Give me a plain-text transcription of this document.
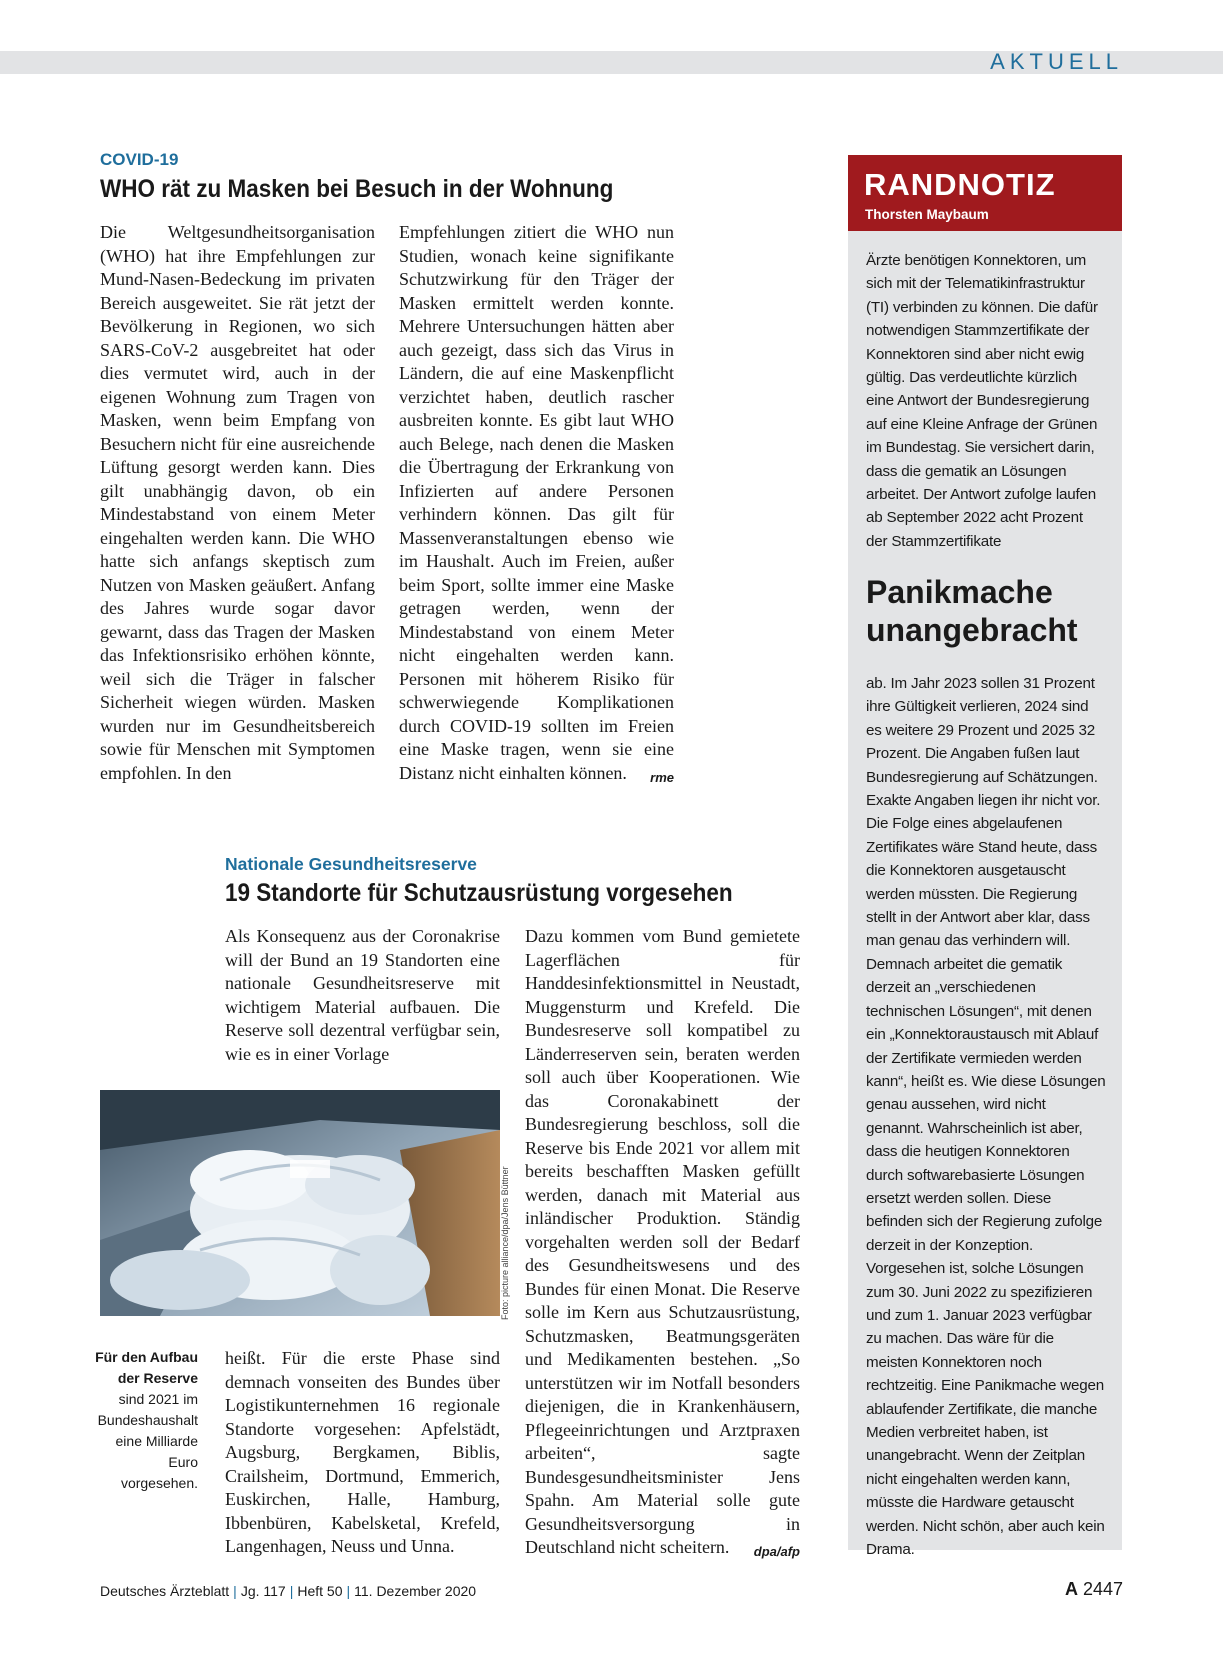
AKTUELL
COVID-19
WHO rät zu Masken bei Besuch in der Wohnung

Die Weltgesundheitsorganisation (WHO) hat ihre Empfehlungen zur Mund-Nasen-Bedeckung im privaten Bereich ausgeweitet. Sie rät jetzt der Bevölkerung in Regionen, wo sich SARS-CoV-2 ausgebreitet hat oder dies vermutet wird, auch in der eigenen Wohnung zum Tragen von Masken, wenn beim Empfang von Besuchern nicht für eine ausreichende Lüftung gesorgt werden kann. Dies gilt unabhängig davon, ob ein Mindestabstand von einem Meter eingehalten werden kann. Die WHO hatte sich anfangs skeptisch zum Nutzen von Masken geäußert. Anfang des Jahres wurde sogar davor gewarnt, dass das Tragen der Masken das Infektionsrisiko erhöhen könnte, weil sich die Träger in falscher Sicherheit wiegen würden. Masken wurden nur im Gesundheitsbereich sowie für Menschen mit Symptomen empfohlen. In den

Empfehlungen zitiert die WHO nun Studien, wonach keine signifikante Schutzwirkung für den Träger der Masken ermittelt werden konnte. Mehrere Untersuchungen hätten aber auch gezeigt, dass sich das Virus in Ländern, die auf eine Maskenpflicht verzichtet haben, deutlich rascher ausbreiten konnte. Es gibt laut WHO auch Belege, nach denen die Masken die Übertragung der Erkrankung von Infizierten auf andere Personen verhindern können. Das gilt für Massenveranstaltungen ebenso wie im Haushalt. Auch im Freien, außer beim Sport, sollte immer eine Maske getragen werden, wenn der Mindestabstand von einem Meter nicht eingehalten werden kann. Personen mit höherem Risiko für schwerwiegende Komplikationen durch COVID-19 sollten im Freien eine Maske tragen, wenn sie eine Distanz nicht einhalten können. rme

Nationale Gesundheitsreserve
19 Standorte für Schutzausrüstung vorgesehen

Als Konsequenz aus der Coronakrise will der Bund an 19 Standorten eine nationale Gesundheitsreserve mit wichtigem Material aufbauen. Die Reserve soll dezentral verfügbar sein, wie es in einer Vorlage

Foto: picture alliance/dpa/Jens Büttner
Für den Aufbau der Reserve sind 2021 im Bundeshaushalt eine Milliarde Euro vorgesehen.

heißt. Für die erste Phase sind demnach vonseiten des Bundes über Logistikunternehmen 16 regionale Standorte vorgesehen: Apfelstädt, Augsburg, Bergkamen, Biblis, Crailsheim, Dortmund, Emmerich, Euskirchen, Halle, Hamburg, Ibbenbüren, Kabelsketal, Krefeld, Langenhagen, Neuss und Unna.

Dazu kommen vom Bund gemietete Lagerflächen für Handdesinfektionsmittel in Neustadt, Muggensturm und Krefeld. Die Bundesreserve soll kompatibel zu Länderreserven sein, beraten werden soll auch über Kooperationen. Wie das Coronakabinett der Bundesregierung beschloss, soll die Reserve bis Ende 2021 vor allem mit bereits beschafften Masken gefüllt werden, danach mit Material aus inländischer Produktion. Ständig vorgehalten werden soll der Bedarf des Gesundheitswesens und des Bundes für einen Monat. Die Reserve solle im Kern aus Schutzausrüstung, Schutzmasken, Beatmungsgeräten und Medikamenten bestehen. „So unterstützen wir im Notfall besonders diejenigen, die in Krankenhäusern, Pflegeeinrichtungen und Arztpraxen arbeiten“, sagte Bundesgesundheitsminister Jens Spahn. Am Material solle gute Gesundheitsversorgung in Deutschland nicht scheitern. dpa/afp

RANDNOTIZ
Thorsten Maybaum
Ärzte benötigen Konnektoren, um sich mit der Telematikinfrastruktur (TI) verbinden zu können. Die dafür notwendigen Stammzertifikate der Konnektoren sind aber nicht ewig gültig. Das verdeutlichte kürzlich eine Antwort der Bundesregierung auf eine Kleine Anfrage der Grünen im Bundestag. Sie versichert darin, dass die gematik an Lösungen arbeitet. Der Antwort zufolge laufen ab September 2022 acht Prozent der Stammzertifikate
Panikmache unangebracht
ab. Im Jahr 2023 sollen 31 Prozent ihre Gültigkeit verlieren, 2024 sind es weitere 29 Prozent und 2025 32 Prozent. Die Angaben fußen laut Bundesregierung auf Schätzungen. Exakte Angaben liegen ihr nicht vor. Die Folge eines abgelaufenen Zertifikates wäre Stand heute, dass die Konnektoren ausgetauscht werden müssten. Die Regierung stellt in der Antwort aber klar, dass man genau das verhindern will. Demnach arbeitet die gematik derzeit an „verschiedenen technischen Lösungen“, mit denen ein „Konnektoraustausch mit Ablauf der Zertifikate vermieden werden kann“, heißt es. Wie diese Lösungen genau aussehen, wird nicht genannt. Wahrscheinlich ist aber, dass die heutigen Konnektoren durch softwarebasierte Lösungen ersetzt werden sollen. Diese befinden sich der Regierung zufolge derzeit in der Konzeption. Vorgesehen ist, solche Lösungen zum 30. Juni 2022 zu spezifizieren und zum 1. Januar 2023 verfügbar zu machen. Das wäre für die meisten Konnektoren noch rechtzeitig. Eine Panikmache wegen ablaufender Zertifikate, die manche Medien verbreitet haben, ist unangebracht. Wenn der Zeitplan nicht eingehalten werden kann, müsste die Hardware getauscht werden. Nicht schön, aber auch kein Drama.
Deutsches Ärzteblatt | Jg. 117 | Heft 50 | 11. Dezember 2020	A 2447
